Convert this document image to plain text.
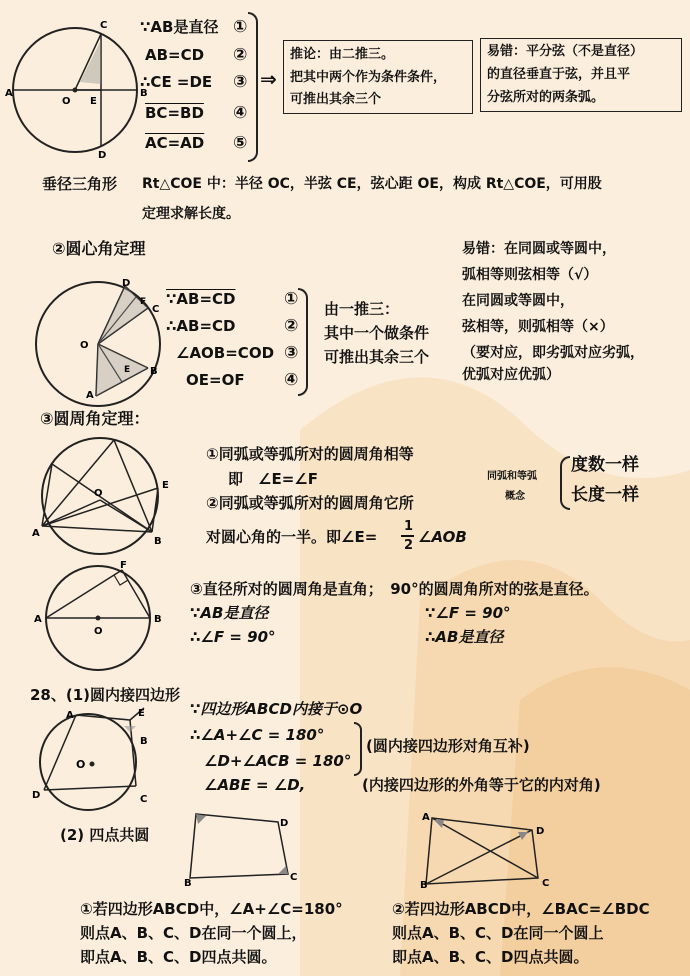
A	B
C
D
O E
∵AB是直径
AB=CD
∴CE =DE
BC=BD
AC=AD
①
②
③
④
⑤
⇒
推论：由二推三。
把其中两个作为条件条件，
可推出其余三个
易错：平分弦（不是直径）
的直径垂直于弦，并且平
分弦所对的两条弧。
垂径三角形 Rt△COE 中：半径 OC，半弦 CE，弦心距 OE，构成 Rt△COE，可用股
定理求解长度。
②圆心角定理
O
D
C
F
B
A
E
∵AB=CD
∴AB=CD
∠AOB=COD
OE=OF
①
②
③
④
由一推三：
其中一个做条件
可推出其余三个
易错：在同圆或等圆中，
弧相等则弦相等（√）
在同圆或等圆中，
弦相等，则弧相等（×）
（要对应，即劣弧对应劣弧，
优弧对应优弧）
③圆周角定理：
A
B
O
E
①同弧或等弧所对的圆周角相等
即　∠E=∠F
②同弧或等弧所对的圆周角它所
对圆心角的一半。即∠E=
1
2 ∠AOB
同弧和等弧
概念
度数一样
长度一样
A	B
F
O
③直径所对的圆周角是直角；　90°的圆周角所对的弦是直径。
∵AB是直径
∴∠F = 90°
∵∠F = 90°
∴AB是直径
28、(1)圆内接四边形
A
B
C
D
E
O
∵四边形ABCD内接于⊙O
∴∠A+∠C = 180°
∠D+∠ACB = 180°
(圆内接四边形对角互补)
∠ABE = ∠D,	(内接四边形的外角等于它的内对角)
(2) 四点共圆
B
C
D
A
D
B	C
①若四边形ABCD中，∠A+∠C=180°
则点A、B、C、D在同一个圆上，
即点A、B、C、D四点共圆。
②若四边形ABCD中，∠BAC=∠BDC
则点A、B、C、D在同一个圆上
即点A、B、C、D四点共圆。
